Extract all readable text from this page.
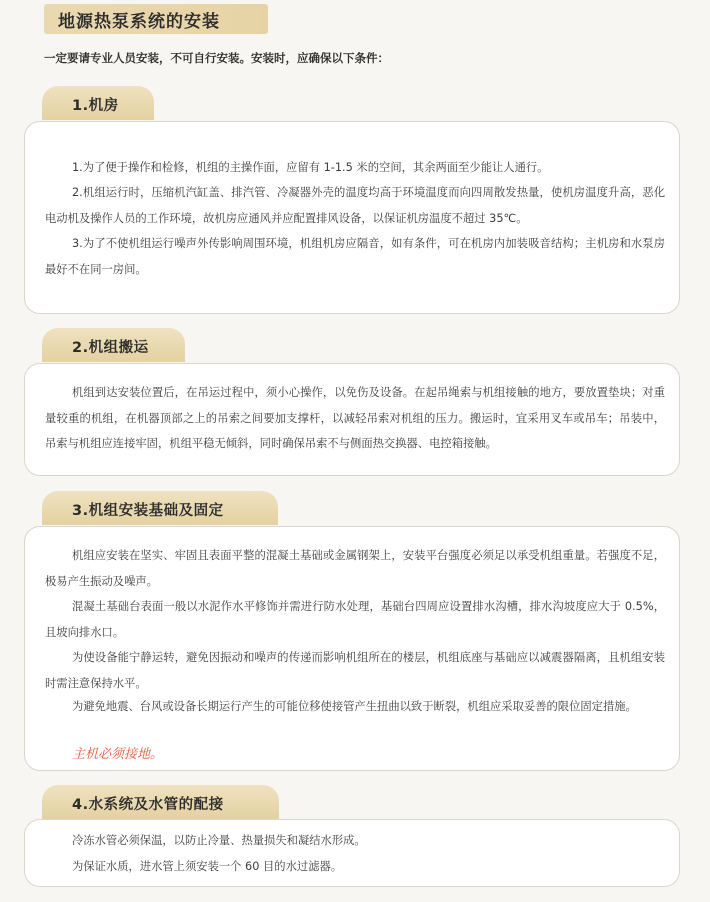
地源热泵系统的安装
一定要请专业人员安装，不可自行安装。安装时，应确保以下条件：

1.为了便于操作和检修，机组的主操作面，应留有 1-1.5 米的空间，其余两面至少能让人通行。

2.机组运行时，压缩机汽缸盖、排汽管、冷凝器外壳的温度均高于环境温度而向四周散发热量，使机房温度升高，恶化电动机及操作人员的工作环境，故机房应通风并应配置排风设备，以保证机房温度不超过 35℃。

3.为了不使机组运行噪声外传影响周围环境，机组机房应隔音，如有条件，可在机房内加装吸音结构；主机房和水泵房最好不在同一房间。

1.机房

机组到达安装位置后，在吊运过程中，须小心操作，以免伤及设备。在起吊绳索与机组接触的地方，要放置垫块；对重量较重的机组，在机器顶部之上的吊索之间要加支撑杆，以减轻吊索对机组的压力。搬运时，宜采用叉车或吊车；吊装中，吊索与机组应连接牢固，机组平稳无倾斜，同时确保吊索不与侧面热交换器、电控箱接触。

2.机组搬运

机组应安装在坚实、牢固且表面平整的混凝土基础或金属钢架上，安装平台强度必须足以承受机组重量。若强度不足，极易产生振动及噪声。

混凝土基础台表面一般以水泥作水平修饰并需进行防水处理，基础台四周应设置排水沟槽，排水沟坡度应大于 0.5%，且坡向排水口。

为使设备能宁静运转，避免因振动和噪声的传递而影响机组所在的楼层，机组底座与基础应以减震器隔离，且机组安装时需注意保持水平。

为避免地震、台风或设备长期运行产生的可能位移使接管产生扭曲以致于断裂，机组应采取妥善的限位固定措施。

主机必须接地。

3.机组安装基础及固定

冷冻水管必须保温，以防止冷量、热量损失和凝结水形成。

为保证水质，进水管上须安装一个 60 目的水过滤器。

4.水系统及水管的配接
